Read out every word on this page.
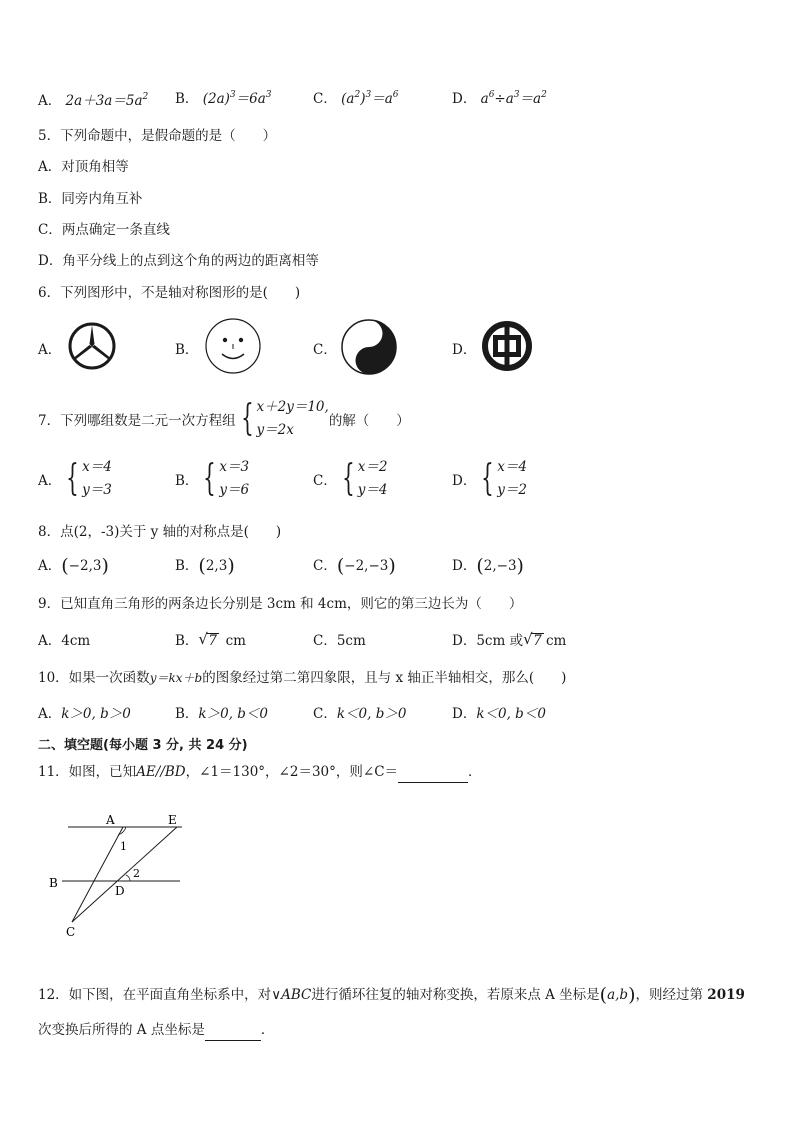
A． $2a+3a=5a^2$ B． $(2a)^3=6a^3$	C． $(a^2)^3=a^6$	D． $a^6\div a^3=a^2$
5．下列命题中，是假命题的是（　　）
A．对顶角相等
B．同旁内角互补
C．两点确定一条直线
D．角平分线上的点到这个角的两边的距离相等
6．下列图形中，不是轴对称图形的是(　　)
A．	B．	C．	D．
7．下列哪组数是二元一次方程组 { x＋2y＝10,
y＝2x的解（　　）
A． { x＝4
y＝3
B． { x＝3
y＝6
C． { x＝2
y＝4
D． { x＝4
y＝2
8．点(2，-3)关于 y 轴的对称点是(　　)
A．(−2,3)	B．(2,3)	C．(−2,−3)	D．(2,−3)
9．已知直角三角形的两条边长分别是 3cm 和 4cm，则它的第三边长为（　　）
A．4cm	B． √ 7 cm	C．5cm	D．5cm 或 √ 7 cm
10．如果一次函数y＝kx＋b的图象经过第二第四象限，且与 x 轴正半轴相交，那么(　　)
A．k＞0, b＞0	B．k＞0, b＜0	C．k＜0, b＞0	D．k＜0, b＜0
二、填空题(每小题 3 分, 共 24 分)
11．如图，已知AE//BD，∠1＝130°，∠2＝30°，则∠C＝	．
A	E
B
D
C
1
2
12．如下图，在平面直角坐标系中，对∨ABC进行循环往复的轴对称变换，若原来点 A 坐标是(a,b)，则经过第 2019
次变换后所得的 A 点坐标是	．
